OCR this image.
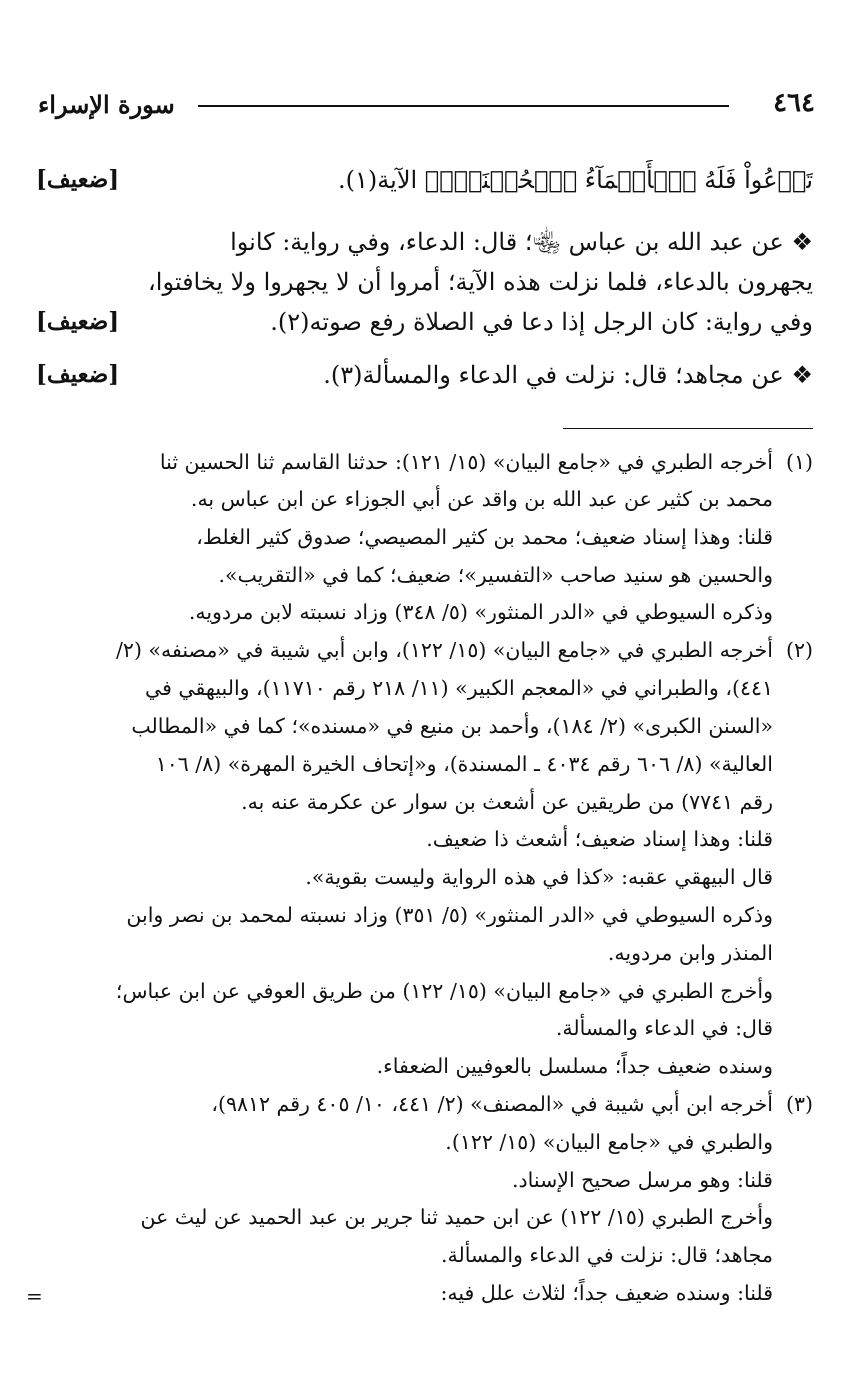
٤٦٤
سورة الإسراء
تَدۡعُواْ فَلَهُ ٱلۡأَسۡمَآءُ ٱلۡحُسۡنَىٰۚ﴾ الآية(١).
[ضعيف]
❖ عن عبد الله بن عباس ﵄؛ قال: الدعاء، وفي رواية: كانوا
يجهرون بالدعاء، فلما نزلت هذه الآية؛ أمروا أن لا يجهروا ولا يخافتوا،
وفي رواية: كان الرجل إذا دعا في الصلاة رفع صوته(٢).
[ضعيف]
❖ عن مجاهد؛ قال: نزلت في الدعاء والمسألة(٣).
[ضعيف]
(١)
(٢)
(٣)
أخرجه الطبري في «جامع البيان» (١٥/ ١٢١): حدثنا القاسم ثنا الحسين ثنا
محمد بن كثير عن عبد الله بن واقد عن أبي الجوزاء عن ابن عباس به.
قلنا: وهذا إسناد ضعيف؛ محمد بن كثير المصيصي؛ صدوق كثير الغلط،
والحسين هو سنيد صاحب «التفسير»؛ ضعيف؛ كما في «التقريب».
وذكره السيوطي في «الدر المنثور» (٥/ ٣٤٨) وزاد نسبته لابن مردويه.
أخرجه الطبري في «جامع البيان» (١٥/ ١٢٢)، وابن أبي شيبة في «مصنفه» (٢/
٤٤١)، والطبراني في «المعجم الكبير» (١١/ ٢١٨ رقم ١١٧١٠)، والبيهقي في
«السنن الكبرى» (٢/ ١٨٤)، وأحمد بن منيع في «مسنده»؛ كما في «المطالب
العالية» (٨/ ٦٠٦ رقم ٤٠٣٤ ـ المسندة)، و«إتحاف الخيرة المهرة» (٨/ ١٠٦
رقم ٧٧٤١) من طريقين عن أشعث بن سوار عن عكرمة عنه به.
قلنا: وهذا إسناد ضعيف؛ أشعث ذا ضعيف.
قال البيهقي عقبه: «كذا في هذه الرواية وليست بقوية».
وذكره السيوطي في «الدر المنثور» (٥/ ٣٥١) وزاد نسبته لمحمد بن نصر وابن
المنذر وابن مردويه.
وأخرج الطبري في «جامع البيان» (١٥/ ١٢٢) من طريق العوفي عن ابن عباس؛
قال: في الدعاء والمسألة.
وسنده ضعيف جداً؛ مسلسل بالعوفيين الضعفاء.
أخرجه ابن أبي شيبة في «المصنف» (٢/ ٤٤١، ١٠/ ٤٠٥ رقم ٩٨١٢)،
والطبري في «جامع البيان» (١٥/ ١٢٢).
قلنا: وهو مرسل صحيح الإسناد.
وأخرج الطبري (١٥/ ١٢٢) عن ابن حميد ثنا جرير بن عبد الحميد عن ليث عن
مجاهد؛ قال: نزلت في الدعاء والمسألة.
قلنا: وسنده ضعيف جداً؛ لثلاث علل فيه:
=
